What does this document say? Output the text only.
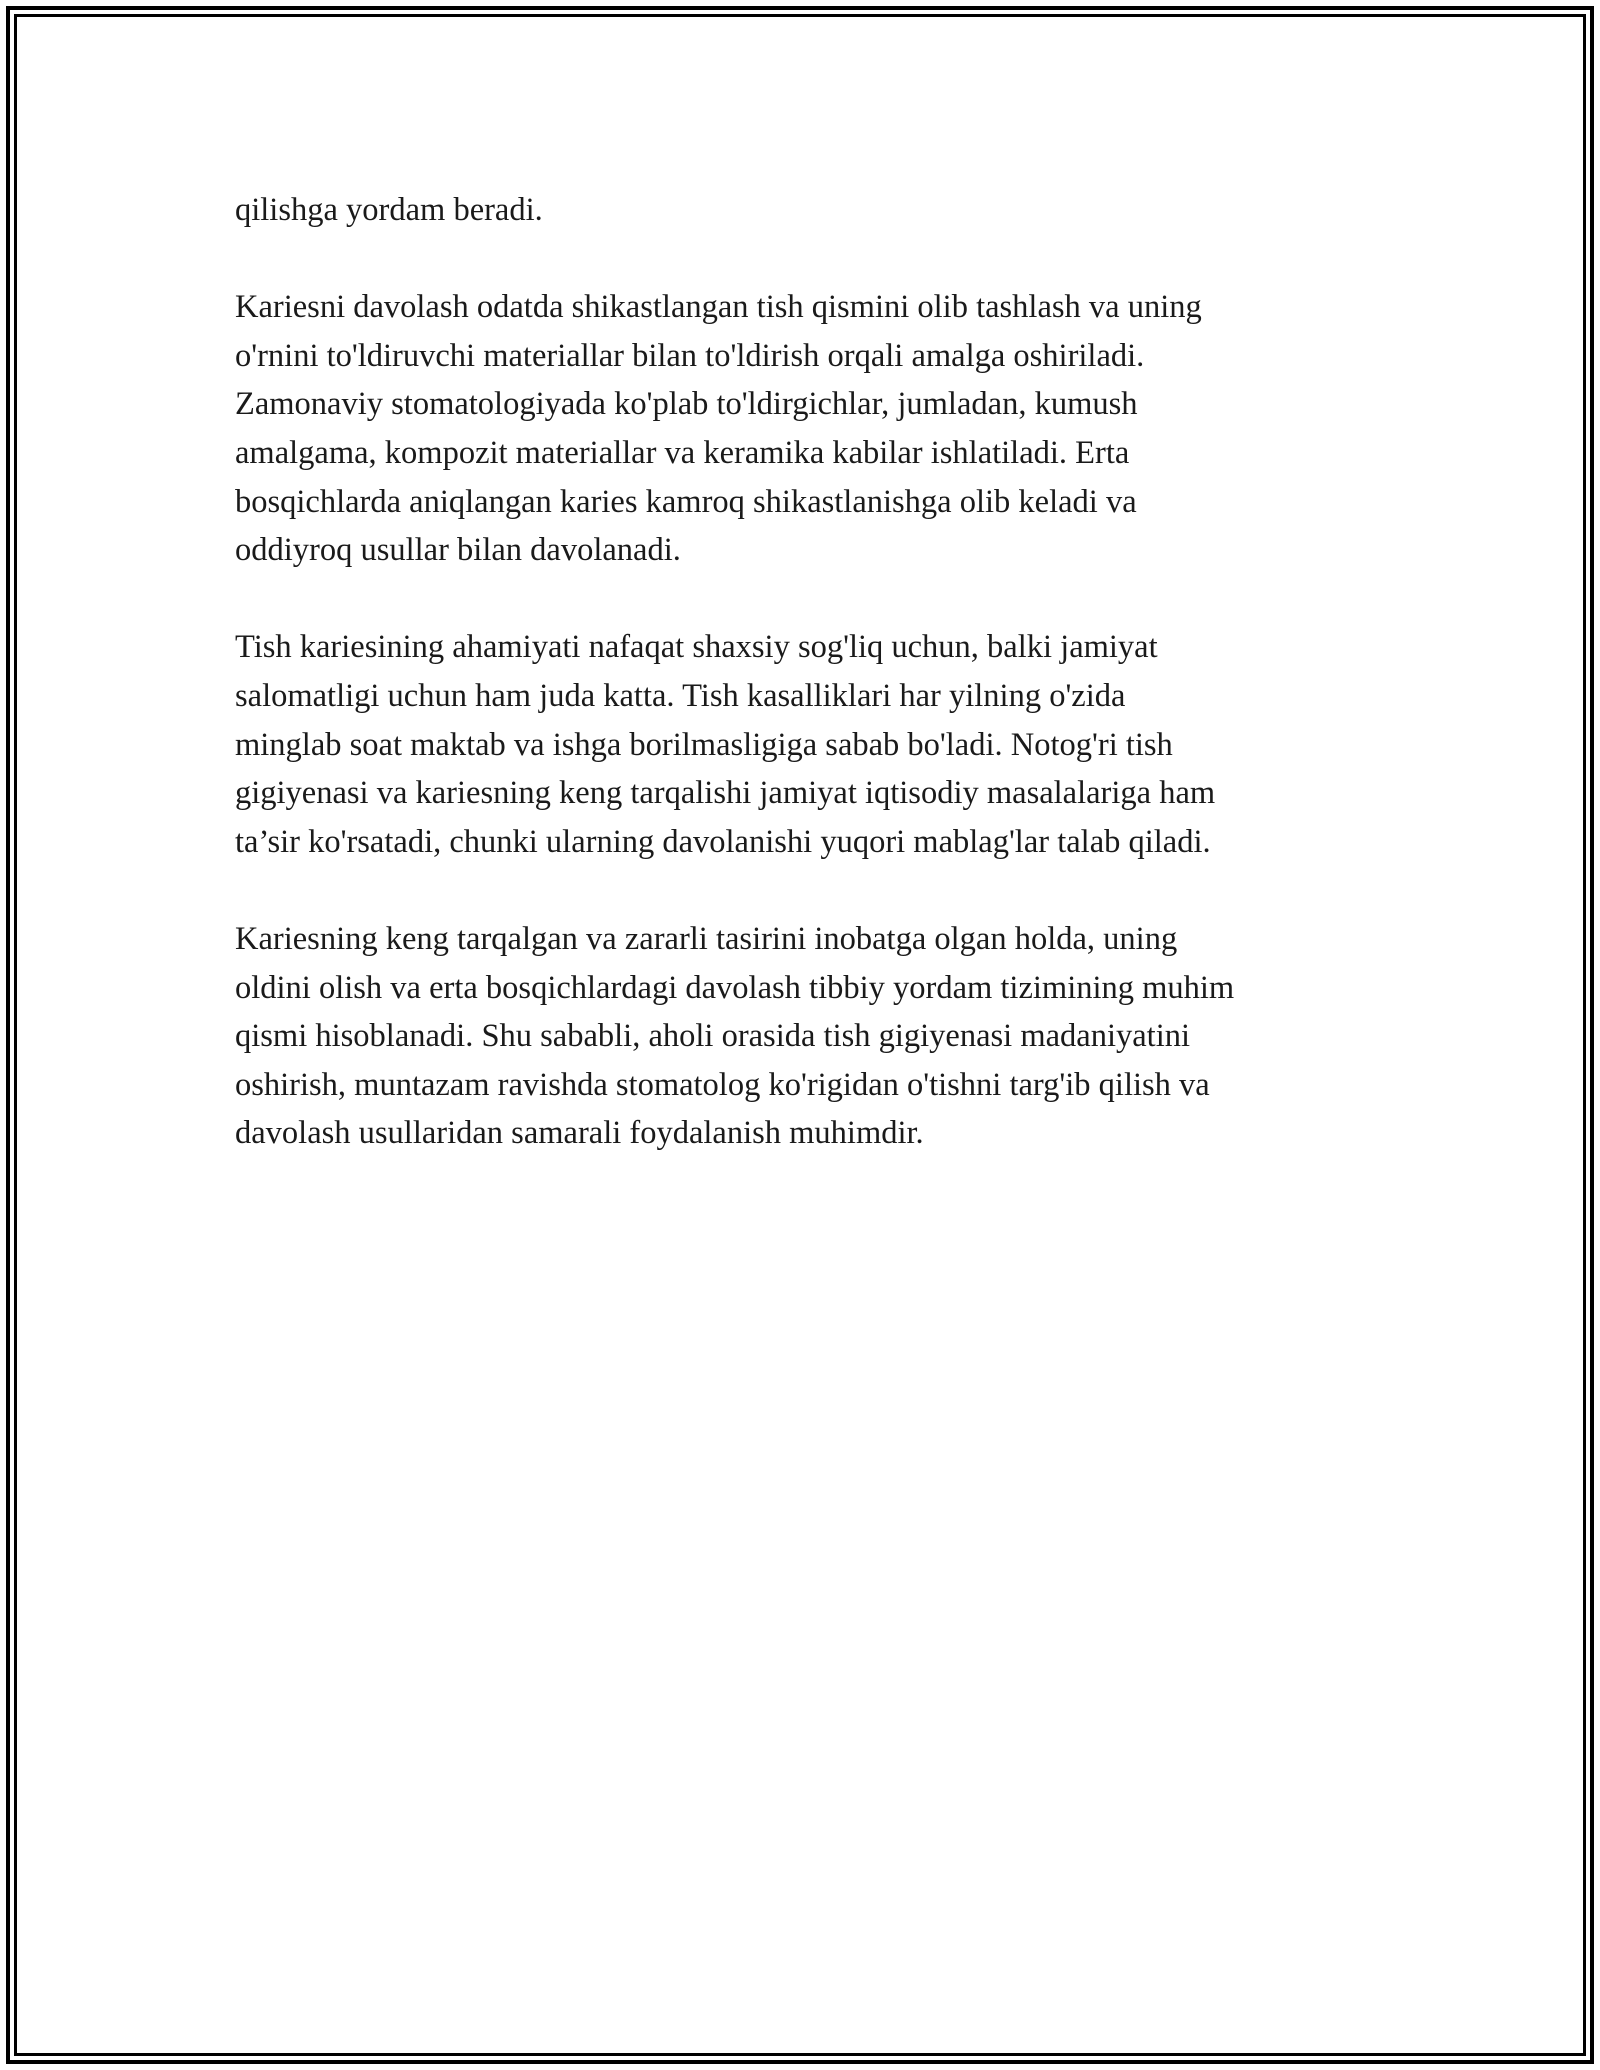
qilishga yordam beradi.

Kariesni davolash odatda shikastlangan tish qismini olib tashlash va uning
o'rnini to'ldiruvchi materiallar bilan to'ldirish orqali amalga oshiriladi.
Zamonaviy stomatologiyada ko'plab to'ldirgichlar, jumladan, kumush
amalgama, kompozit materiallar va keramika kabilar ishlatiladi. Erta
bosqichlarda aniqlangan karies kamroq shikastlanishga olib keladi va
oddiyroq usullar bilan davolanadi.

Tish kariesining ahamiyati nafaqat shaxsiy sog'liq uchun, balki jamiyat
salomatligi uchun ham juda katta. Tish kasalliklari har yilning o'zida
minglab soat maktab va ishga borilmasligiga sabab bo'ladi. Notog'ri tish
gigiyenasi va kariesning keng tarqalishi jamiyat iqtisodiy masalalariga ham
ta’sir ko'rsatadi, chunki ularning davolanishi yuqori mablag'lar talab qiladi.

Kariesning keng tarqalgan va zararli tasirini inobatga olgan holda, uning
oldini olish va erta bosqichlardagi davolash tibbiy yordam tizimining muhim
qismi hisoblanadi. Shu sababli, aholi orasida tish gigiyenasi madaniyatini
oshirish, muntazam ravishda stomatolog ko'rigidan o'tishni targ'ib qilish va
davolash usullaridan samarali foydalanish muhimdir.
